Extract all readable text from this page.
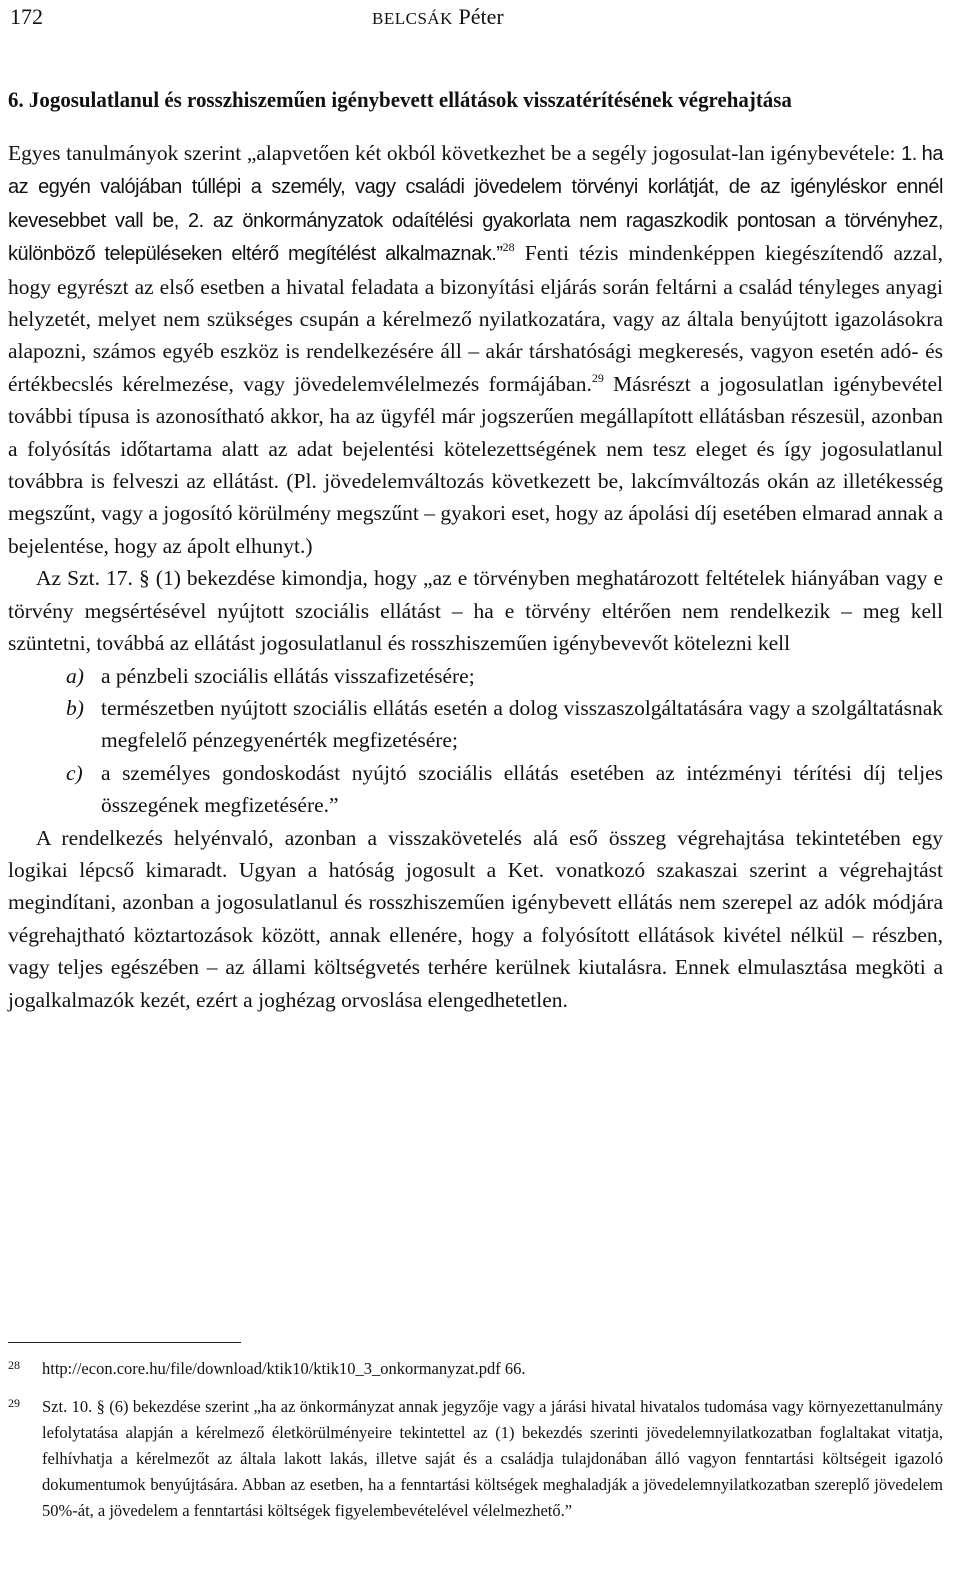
172	BELCSÁK Péter
6. Jogosulatlanul és rosszhiszeműen igénybevett ellátások visszatérítésének végrehajtása

Egyes tanulmányok szerint „alapvetően két okból következhet be a segély jogosulat-lan igénybevétele: 1. ha az egyén valójában túllépi a személy, vagy családi jövedelem törvényi korlátját, de az igényléskor ennél kevesebbet vall be, 2. az önkormányzatok odaítélési gyakorlata nem ragaszkodik pontosan a törvényhez, különböző településeken eltérő megítélést alkalmaznak.”$^{28}$ Fenti tézis mindenképpen kiegészítendő azzal, hogy egyrészt az első esetben a hivatal feladata a bizonyítási eljárás során feltárni a család tényleges anyagi helyzetét, melyet nem szükséges csupán a kérelmező nyilatkozatára, vagy az általa benyújtott igazolásokra alapozni, számos egyéb eszköz is rendelkezésére áll – akár társhatósági megkeresés, vagyon esetén adó- és értékbecslés kérelmezése, vagy jövedelemvélelmezés formájában.$^{29}$ Másrészt a jogosulatlan igénybevétel további típusa is azonosítható akkor, ha az ügyfél már jogszerűen megállapított ellátásban részesül, azonban a folyósítás időtartama alatt az adat bejelentési kötelezettségének nem tesz eleget és így jogosulatlanul továbbra is felveszi az ellátást. (Pl. jövedelemváltozás következett be, lakcímváltozás okán az illetékesség megszűnt, vagy a jogosító körülmény megszűnt – gyakori eset, hogy az ápolási díj esetében elmarad annak a bejelentése, hogy az ápolt elhunyt.)

Az Szt. 17. § (1) bekezdése kimondja, hogy „az e törvényben meghatározott feltételek hiányában vagy e törvény megsértésével nyújtott szociális ellátást – ha e törvény eltérően nem rendelkezik – meg kell szüntetni, továbbá az ellátást jogosulatlanul és rosszhiszeműen igénybevevőt kötelezni kell

a) a pénzbeli szociális ellátás visszafizetésére;
b) természetben nyújtott szociális ellátás esetén a dolog visszaszolgáltatására vagy a szolgáltatásnak megfelelő pénzegyenérték megfizetésére;
c) a személyes gondoskodást nyújtó szociális ellátás esetében az intézményi térítési díj teljes összegének megfizetésére.”

A rendelkezés helyénvaló, azonban a visszakövetelés alá eső összeg végrehajtása tekintetében egy logikai lépcső kimaradt. Ugyan a hatóság jogosult a Ket. vonatkozó szakaszai szerint a végrehajtást megindítani, azonban a jogosulatlanul és rosszhiszeműen igénybevett ellátás nem szerepel az adók módjára végrehajtható köztartozások között, annak ellenére, hogy a folyósított ellátások kivétel nélkül – részben, vagy teljes egészében – az állami költségvetés terhére kerülnek kiutalásra. Ennek elmulasztása megköti a jogalkalmazók kezét, ezért a joghézag orvoslása elengedhetetlen.

28 http://econ.core.hu/file/download/ktik10/ktik10_3_onkormanyzat.pdf 66.

29 Szt. 10. § (6) bekezdése szerint „ha az önkormányzat annak jegyzője vagy a járási hivatal hivatalos tudomása vagy környezettanulmány lefolytatása alapján a kérelmező életkörülményeire tekintettel az (1) bekezdés szerinti jövedelemnyilatkozatban foglaltakat vitatja, felhívhatja a kérelmezőt az általa lakott lakás, illetve saját és a családja tulajdonában álló vagyon fenntartási költségeit igazoló dokumentumok benyújtására. Abban az esetben, ha a fenntartási költségek meghaladják a jövedelemnyilatkozatban szereplő jövedelem 50%-át, a jövedelem a fenntartási költségek figyelembevételével vélelmezhető.”
